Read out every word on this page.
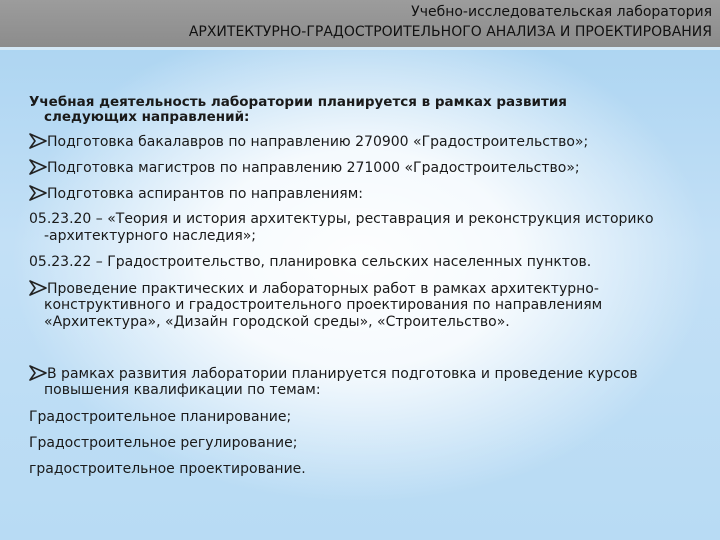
Учебно-исследовательская лаборатория
АРХИТЕКТУРНО-ГРАДОСТРОИТЕЛЬНОГО АНАЛИЗА И ПРОЕКТИРОВАНИЯ
Учебная деятельность лаборатории планируется в рамках развития
следующих направлений:
Подготовка бакалавров по направлению 270900 «Градостроительство»;
Подготовка магистров по направлению 271000 «Градостроительство»;
Подготовка аспирантов по направлениям:
05.23.20 – «Теория и история архитектуры, реставрация и реконструкция историко
-архитектурного наследия»;
05.23.22 – Градостроительство, планировка сельских населенных пунктов.
Проведение практических и лабораторных работ в рамках архитектурно-
конструктивного и градостроительного проектирования по направлениям
«Архитектура», «Дизайн городской среды», «Строительство».
В рамках развития лаборатории планируется подготовка и проведение курсов
повышения квалификации по темам:
Градостроительное планирование;
Градостроительное регулирование;
градостроительное проектирование.
